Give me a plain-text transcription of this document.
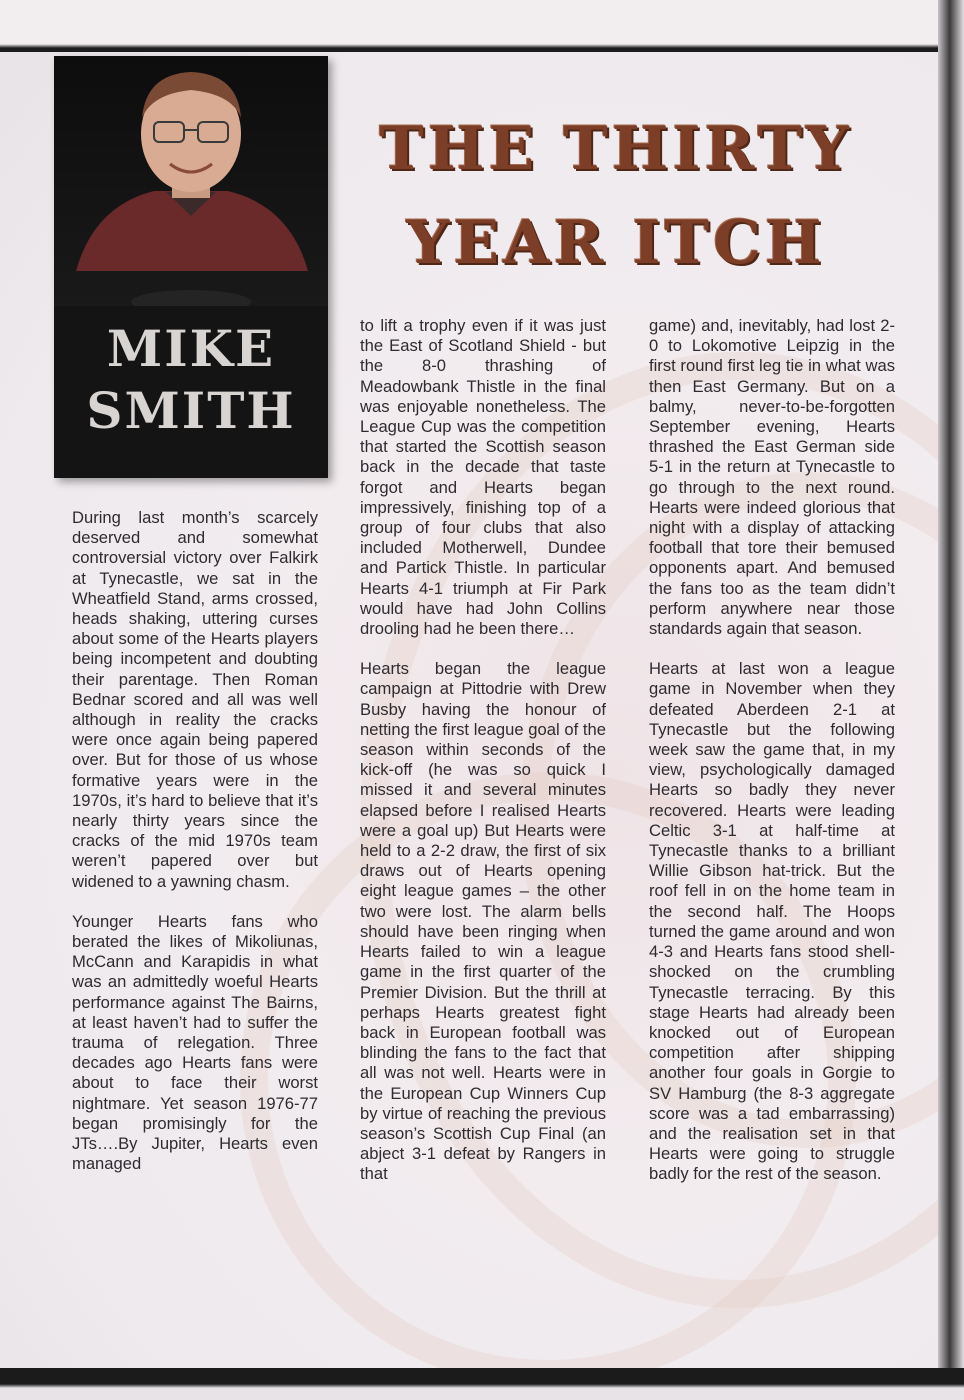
MIKE
SMITH
THE THIRTY
YEAR ITCH

During last month’s scarcely deserved and somewhat controversial victory over Falkirk at Tynecastle, we sat in the Wheatfield Stand, arms crossed, heads shaking, uttering curses about some of the Hearts players being incompetent and doubting their parentage. Then Roman Bednar scored and all was well although in reality the cracks were once again being papered over. But for those of us whose formative years were in the 1970s, it’s hard to believe that it’s nearly thirty years since the cracks of the mid 1970s team weren’t papered over but widened to a yawning chasm.

Younger Hearts fans who berated the likes of Mikoliunas, McCann and Karapidis in what was an admittedly woeful Hearts performance against The Bairns, at least haven’t had to suffer the trauma of relegation. Three decades ago Hearts fans were about to face their worst nightmare. Yet season 1976-77 began promisingly for the JTs….By Jupiter, Hearts even managed

to lift a trophy even if it was just the East of Scotland Shield - but the 8-0 thrashing of Meadowbank Thistle in the final was enjoyable nonetheless. The League Cup was the competition that started the Scottish season back in the decade that taste forgot and Hearts began impressively, finishing top of a group of four clubs that also included Motherwell, Dundee and Partick Thistle. In particular Hearts 4-1 triumph at Fir Park would have had John Collins drooling had he been there…

Hearts began the league campaign at Pittodrie with Drew Busby having the honour of netting the first league goal of the season within seconds of the kick-off (he was so quick I missed it and several minutes elapsed before I realised Hearts were a goal up) But Hearts were held to a 2-2 draw, the first of six draws out of Hearts opening eight league games – the other two were lost. The alarm bells should have been ringing when Hearts failed to win a league game in the first quarter of the Premier Division. But the thrill at perhaps Hearts greatest fight back in European football was blinding the fans to the fact that all was not well. Hearts were in the European Cup Winners Cup by virtue of reaching the previous season’s Scottish Cup Final (an abject 3-1 defeat by Rangers in that

game) and, inevitably, had lost 2-0 to Lokomotive Leipzig in the first round first leg tie in what was then East Germany. But on a balmy, never-to-be-forgotten September evening, Hearts thrashed the East German side 5-1 in the return at Tynecastle to go through to the next round. Hearts were indeed glorious that night with a display of attacking football that tore their bemused opponents apart. And bemused the fans too as the team didn’t perform anywhere near those standards again that season.

Hearts at last won a league game in November when they defeated Aberdeen 2-1 at Tynecastle but the following week saw the game that, in my view, psychologically damaged Hearts so badly they never recovered. Hearts were leading Celtic 3-1 at half-time at Tynecastle thanks to a brilliant Willie Gibson hat-trick. But the roof fell in on the home team in the second half. The Hoops turned the game around and won 4-3 and Hearts fans stood shell-shocked on the crumbling Tynecastle terracing. By this stage Hearts had already been knocked out of European competition after shipping another four goals in Gorgie to SV Hamburg (the 8-3 aggregate score was a tad embarrassing) and the realisation set in that Hearts were going to struggle badly for the rest of the season.
